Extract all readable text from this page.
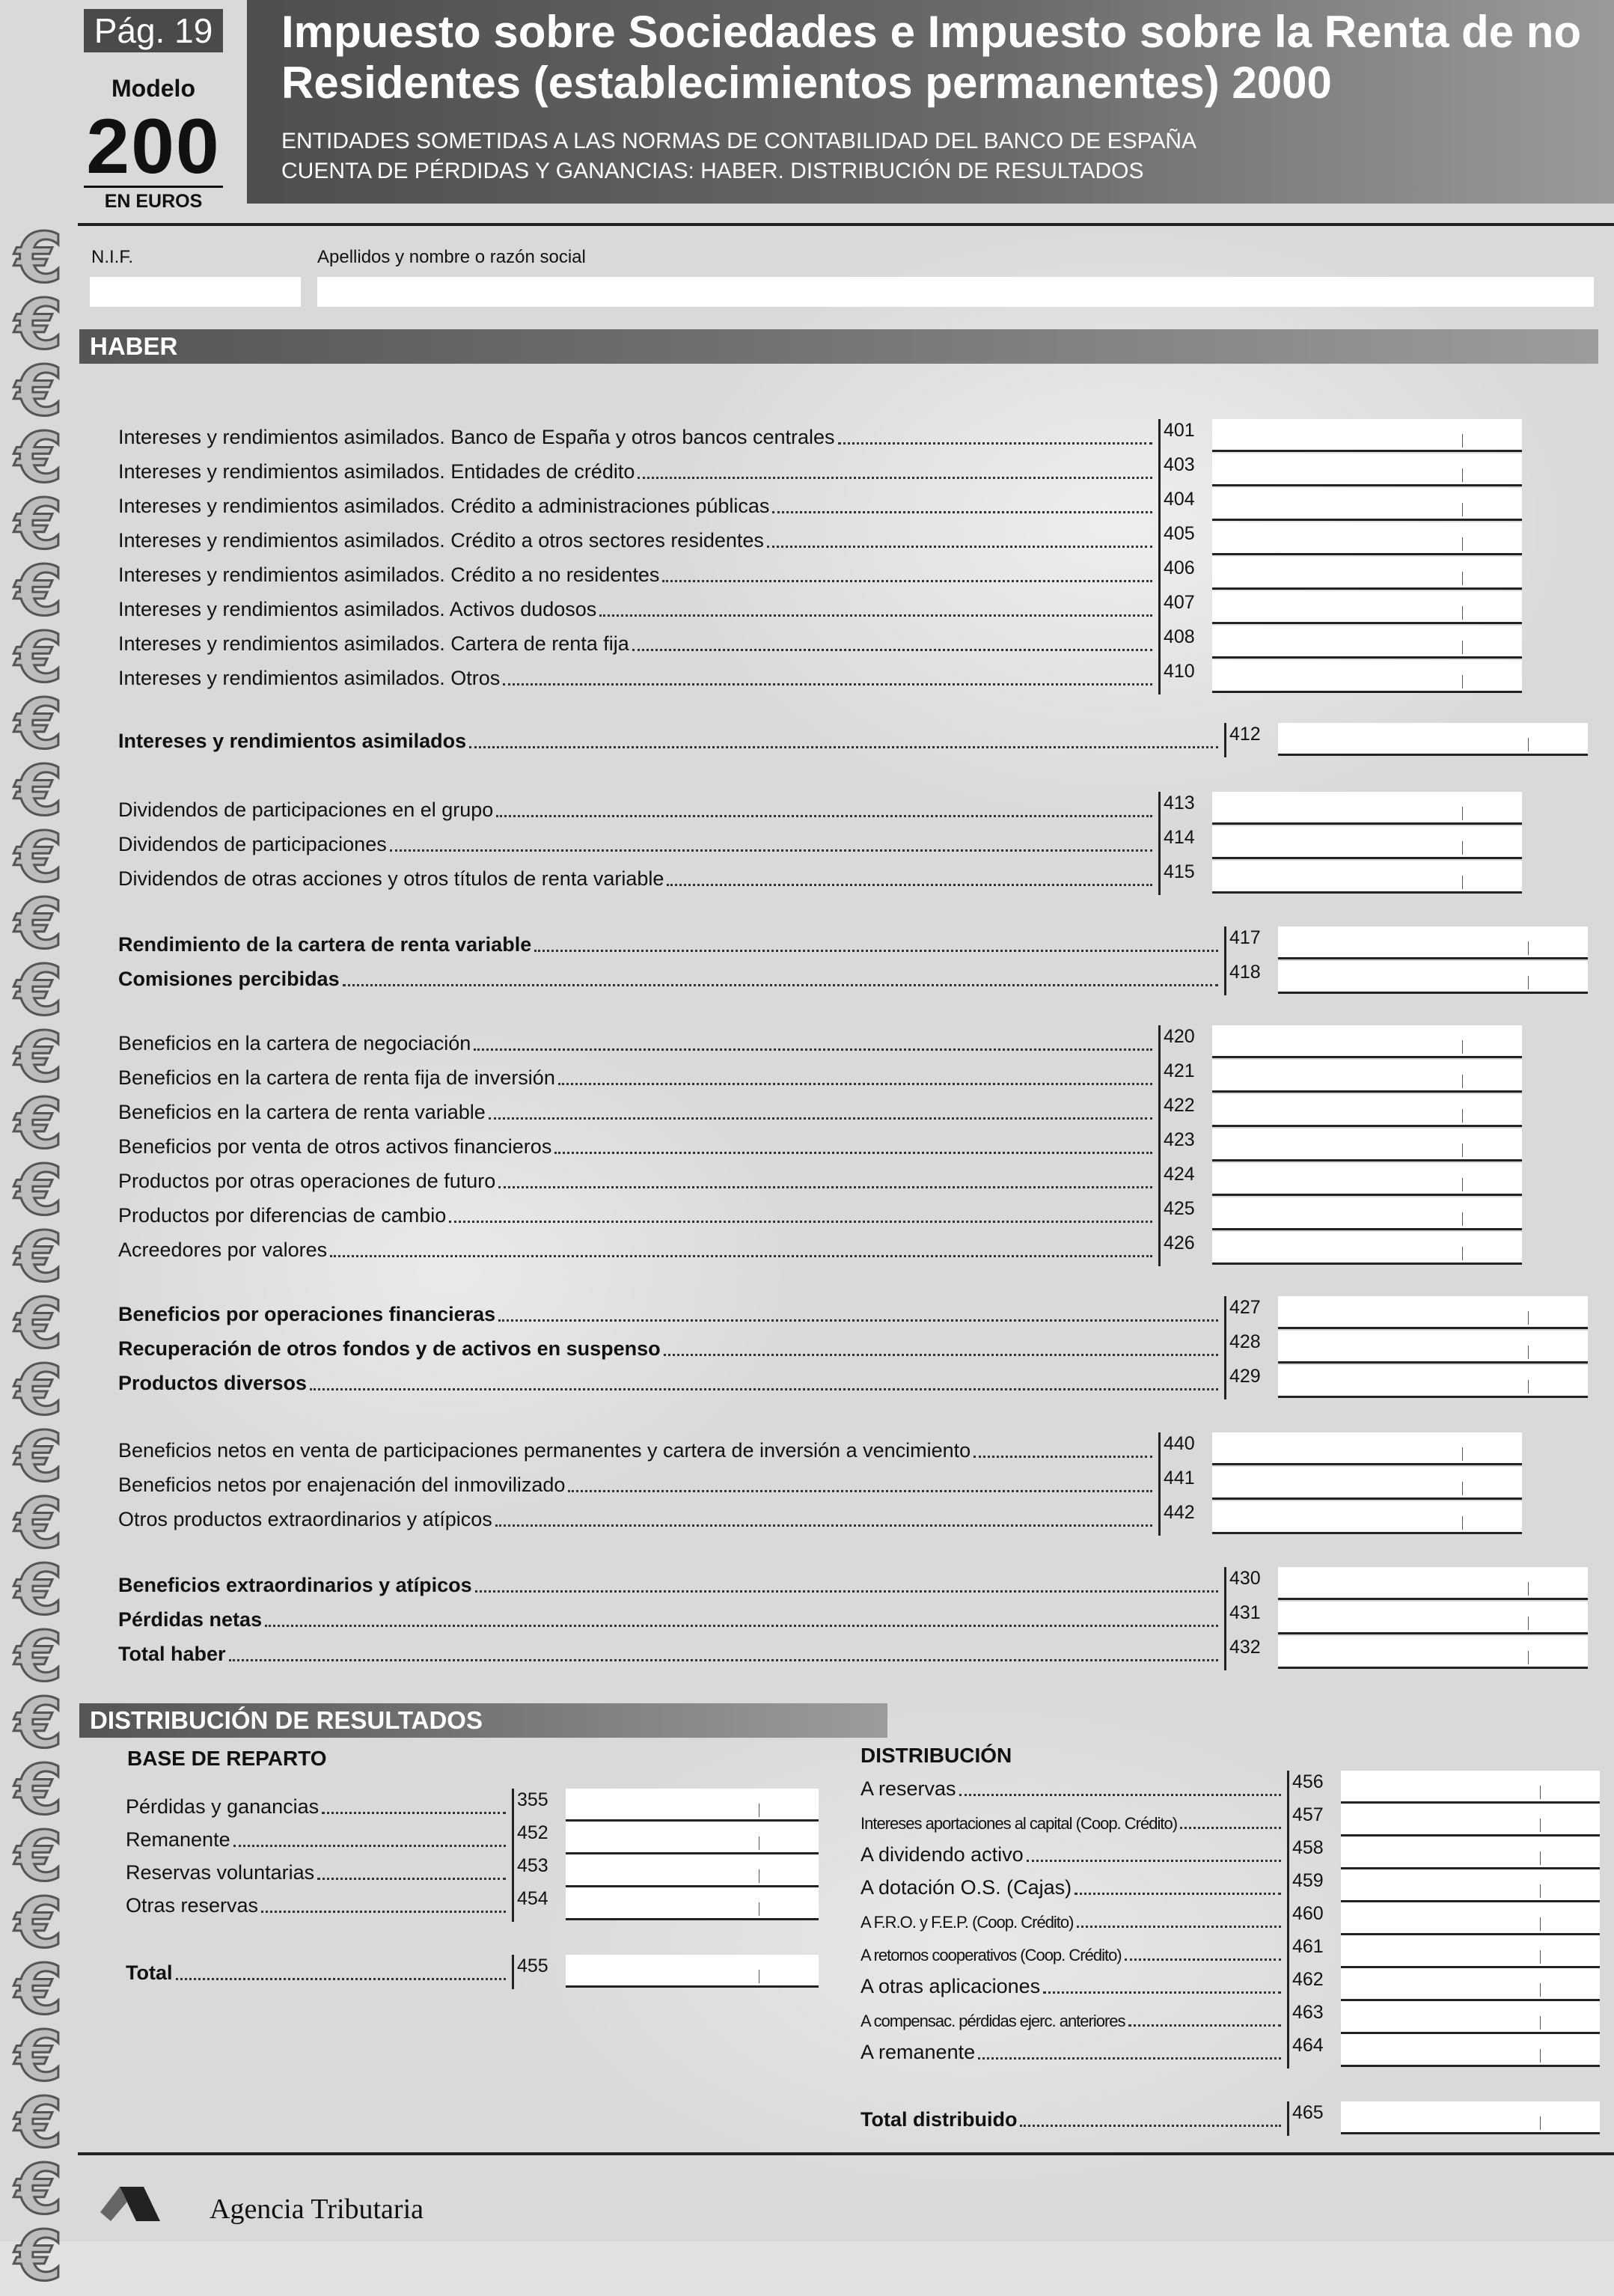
€
€
€
€
€
€
€
€
€
€
€
€
€
€
€
€
€
€
€
€
€
€
€
€
€
€
€
€
€
€
€
Pág. 19
Modelo
200
EN EUROS
Impuesto sobre Sociedades e Impuesto sobre la Renta de no
Residentes (establecimientos permanentes) 2000
ENTIDADES SOMETIDAS A LAS NORMAS DE CONTABILIDAD DEL BANCO DE ESPAÑA
CUENTA DE PÉRDIDAS Y GANANCIAS: HABER. DISTRIBUCIÓN DE RESULTADOS
N.I.F.	Apellidos y nombre o razón social
HABER
Intereses y rendimientos asimilados. Banco de España y otros bancos centrales	401
Intereses y rendimientos asimilados. Entidades de crédito	403
Intereses y rendimientos asimilados. Crédito a administraciones públicas	404
Intereses y rendimientos asimilados. Crédito a otros sectores residentes	405
Intereses y rendimientos asimilados. Crédito a no residentes	406
Intereses y rendimientos asimilados. Activos dudosos	407
Intereses y rendimientos asimilados. Cartera de renta fija	408
Intereses y rendimientos asimilados. Otros	410
Intereses y rendimientos asimilados	412
Dividendos de participaciones en el grupo	413
Dividendos de participaciones	414
Dividendos de otras acciones y otros títulos de renta variable	415
Rendimiento de la cartera de renta variable	417
Comisiones percibidas	418
Beneficios en la cartera de negociación	420
Beneficios en la cartera de renta fija de inversión	421
Beneficios en la cartera de renta variable	422
Beneficios por venta de otros activos financieros	423
Productos por otras operaciones de futuro	424
Productos por diferencias de cambio	425
Acreedores por valores	426
Beneficios por operaciones financieras	427
Recuperación de otros fondos y de activos en suspenso	428
Productos diversos	429
Beneficios netos en venta de participaciones permanentes y cartera de inversión a vencimiento	440
Beneficios netos por enajenación del inmovilizado	441
Otros productos extraordinarios y atípicos	442
Beneficios extraordinarios y atípicos	430
Pérdidas netas	431
Total haber	432
DISTRIBUCIÓN DE RESULTADOS
BASE DE REPARTO	DISTRIBUCIÓN
Pérdidas y ganancias	355
Remanente	452
Reservas voluntarias	453
Otras reservas	454
Total	455
A reservas	456
Intereses aportaciones al capital (Coop. Crédito)	457
A dividendo activo	458
A dotación O.S. (Cajas)	459
A F.R.O. y F.E.P. (Coop. Crédito)	460
A retornos cooperativos (Coop. Crédito)	461
A otras aplicaciones	462
A compensac. pérdidas ejerc. anteriores	463
A remanente	464
Total distribuido	465
Agencia Tributaria
